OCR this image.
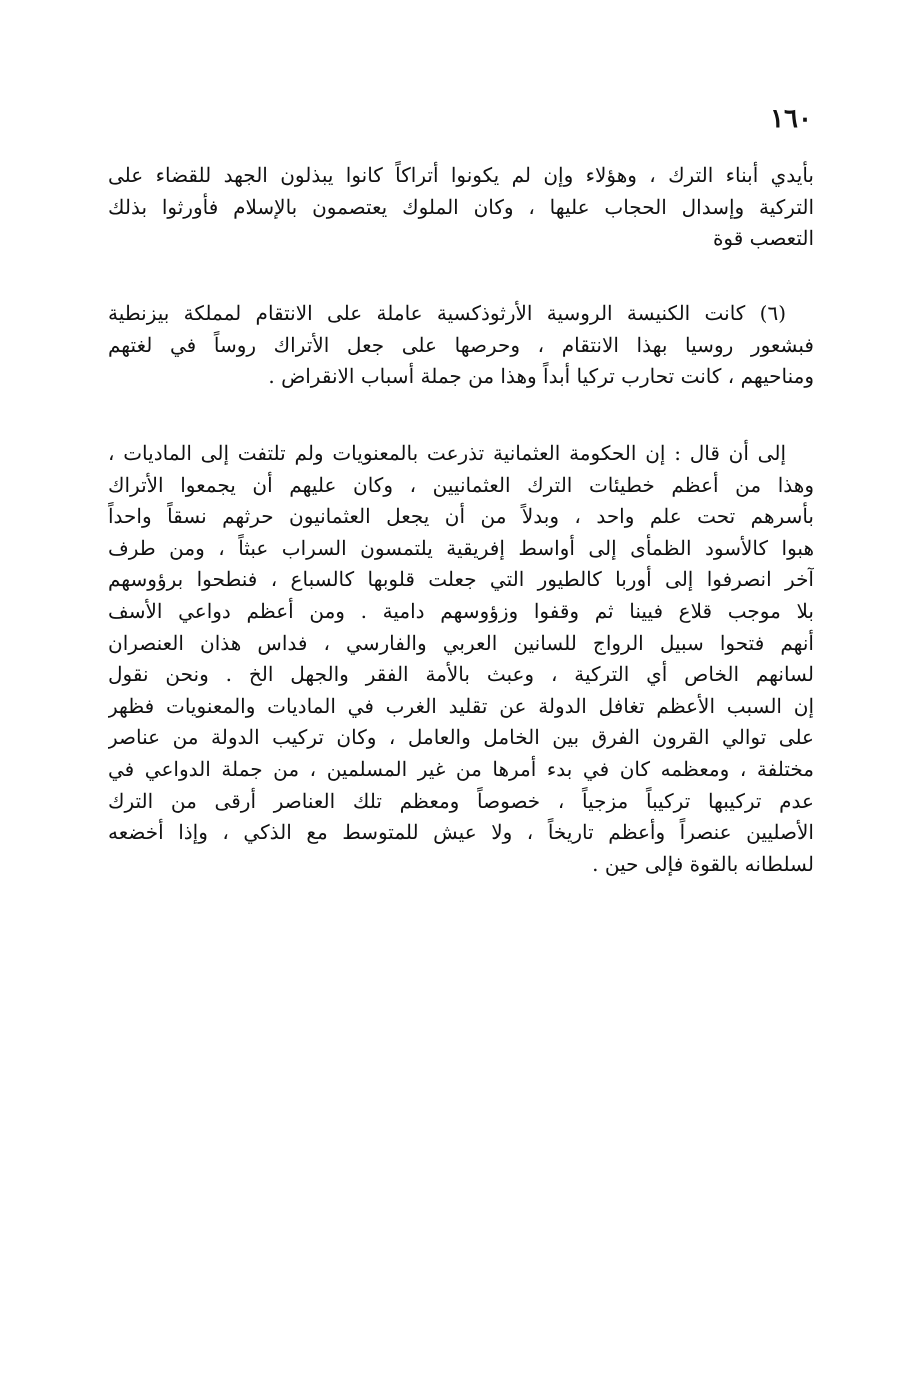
١٦٠
بأيدي أبناء الترك ، وهؤلاء وإن لم يكونوا أتراكاً كانوا يبذلون الجهد للقضاء على
التركية وإسدال الحجاب عليها ، وكان الملوك يعتصمون بالإسلام فأورثوا بذلك
التعصب قوة
(٦) كانت الكنيسة الروسية الأرثوذكسية عاملة على الانتقام لمملكة بيزنطية
فبشعور روسيا بهذا الانتقام ، وحرصها على جعل الأتراك روساً في لغتهم
ومناحيهم ، كانت تحارب تركيا أبداً وهذا من جملة أسباب الانقراض .
إلى أن قال : إن الحكومة العثمانية تذرعت بالمعنويات ولم تلتفت إلى الماديات ،
وهذا من أعظم خطيئات الترك العثمانيين ، وكان عليهم أن يجمعوا الأتراك
بأسرهم تحت علم واحد ، وبدلاً من أن يجعل العثمانيون حرثهم نسقاً واحداً
هبوا كالأسود الظمأى إلى أواسط إفريقية يلتمسون السراب عبثاً ، ومن طرف
آخر انصرفوا إلى أوربا كالطيور التي جعلت قلوبها كالسباع ، فنطحوا برؤوسهم
بلا موجب قلاع فيينا ثم وقفوا وزؤوسهم دامية . ومن أعظم دواعي الأسف
أنهم فتحوا سبيل الرواج للسانين العربي والفارسي ، فداس هذان العنصران
لسانهم الخاص أي التركية ، وعبث بالأمة الفقر والجهل الخ . ونحن نقول
إن السبب الأعظم تغافل الدولة عن تقليد الغرب في الماديات والمعنويات فظهر
على توالي القرون الفرق بين الخامل والعامل ، وكان تركيب الدولة من عناصر
مختلفة ، ومعظمه كان في بدء أمرها من غير المسلمين ، من جملة الدواعي في
عدم تركيبها تركيباً مزجياً ، خصوصاً ومعظم تلك العناصر أرقى من الترك
الأصليين عنصراً وأعظم تاريخاً ، ولا عيش للمتوسط مع الذكي ، وإذا أخضعه
لسلطانه بالقوة فإلى حين .
